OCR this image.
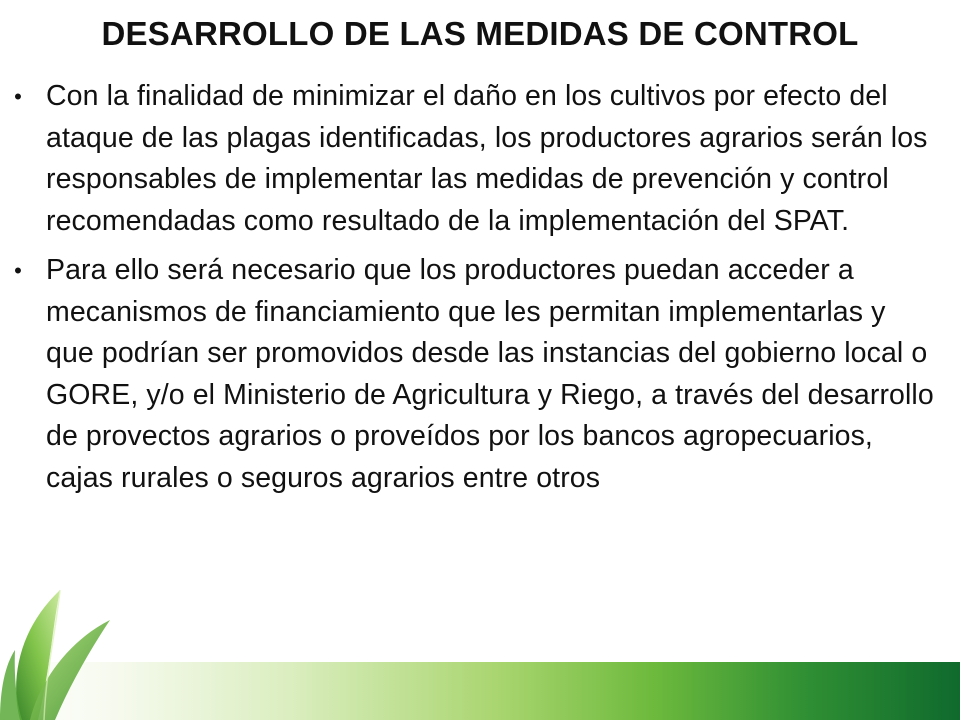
DESARROLLO DE LAS MEDIDAS DE CONTROL
• Con la finalidad de minimizar el daño en los cultivos por efecto del ataque de las plagas identificadas, los productores agrarios serán los responsables de implementar las medidas de prevención y control recomendadas como resultado de la implementación del SPAT.
• Para ello será necesario que los productores puedan acceder a mecanismos de financiamiento que les permitan implementarlas y que podrían ser promovidos desde las instancias del gobierno local o GORE, y/o el Ministerio de Agricultura y Riego, a través del desarrollo de provectos agrarios o proveídos por los bancos agropecuarios, cajas rurales o seguros agrarios entre otros
